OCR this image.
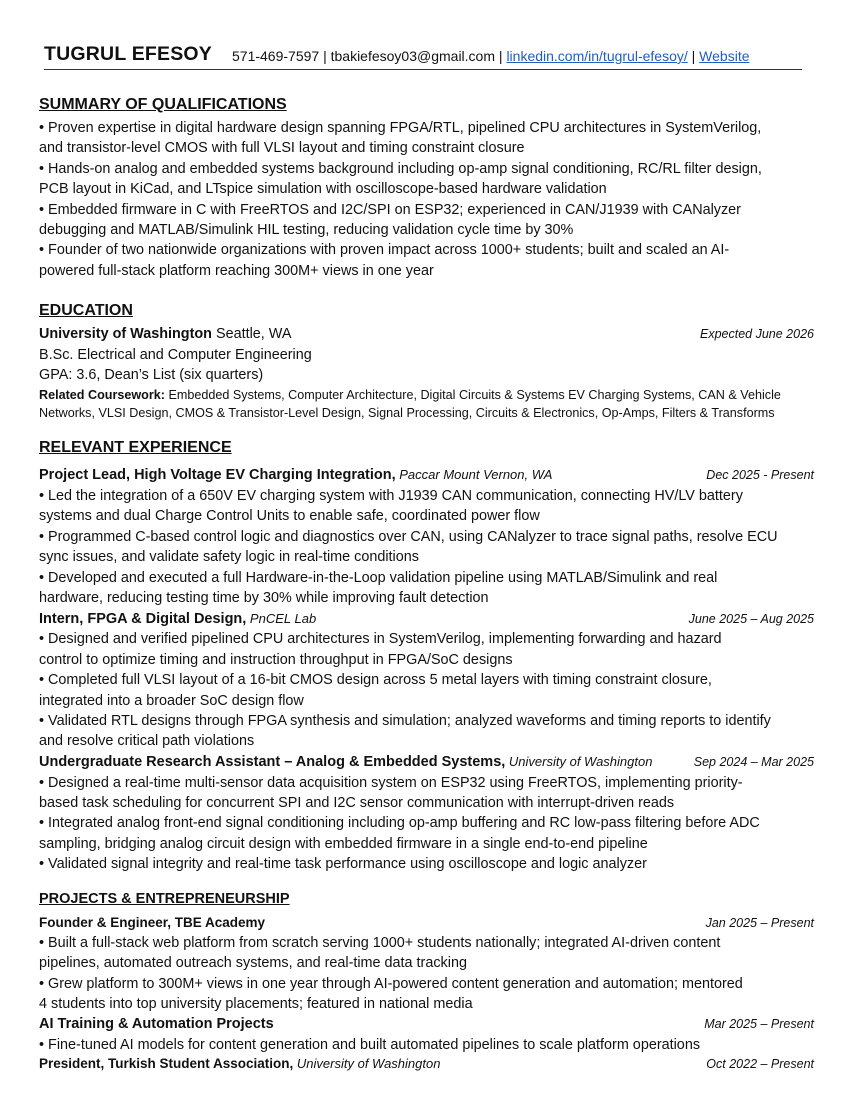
TUGRUL EFESOY 571-469-7597 | tbakiefesoy03@gmail.com | linkedin.com/in/tugrul-efesoy/ | Website
SUMMARY OF QUALIFICATIONS
• Proven expertise in digital hardware design spanning FPGA/RTL, pipelined CPU architectures in SystemVerilog,
and transistor-level CMOS with full VLSI layout and timing constraint closure
• Hands-on analog and embedded systems background including op-amp signal conditioning, RC/RL filter design,
PCB layout in KiCad, and LTspice simulation with oscilloscope-based hardware validation
• Embedded firmware in C with FreeRTOS and I2C/SPI on ESP32; experienced in CAN/J1939 with CANalyzer
debugging and MATLAB/Simulink HIL testing, reducing validation cycle time by 30%
• Founder of two nationwide organizations with proven impact across 1000+ students; built and scaled an AI-
powered full-stack platform reaching 300M+ views in one year
EDUCATION
University of Washington Seattle, WA	Expected June 2026
B.Sc. Electrical and Computer Engineering
GPA: 3.6, Dean’s List (six quarters)
Related Coursework: Embedded Systems, Computer Architecture, Digital Circuits & Systems EV Charging Systems, CAN & Vehicle
Networks, VLSI Design, CMOS & Transistor-Level Design, Signal Processing, Circuits & Electronics, Op-Amps, Filters & Transforms
RELEVANT EXPERIENCE
Project Lead, High Voltage EV Charging Integration, Paccar Mount Vernon, WA	Dec 2025 - Present
• Led the integration of a 650V EV charging system with J1939 CAN communication, connecting HV/LV battery
systems and dual Charge Control Units to enable safe, coordinated power flow
• Programmed C-based control logic and diagnostics over CAN, using CANalyzer to trace signal paths, resolve ECU
sync issues, and validate safety logic in real-time conditions
• Developed and executed a full Hardware-in-the-Loop validation pipeline using MATLAB/Simulink and real
hardware, reducing testing time by 30% while improving fault detection
Intern, FPGA & Digital Design, PnCEL Lab	June 2025 – Aug 2025
• Designed and verified pipelined CPU architectures in SystemVerilog, implementing forwarding and hazard
control to optimize timing and instruction throughput in FPGA/SoC designs
• Completed full VLSI layout of a 16-bit CMOS design across 5 metal layers with timing constraint closure,
integrated into a broader SoC design flow
• Validated RTL designs through FPGA synthesis and simulation; analyzed waveforms and timing reports to identify
and resolve critical path violations
Undergraduate Research Assistant – Analog & Embedded Systems, University of Washington	Sep 2024 – Mar 2025
• Designed a real-time multi-sensor data acquisition system on ESP32 using FreeRTOS, implementing priority-
based task scheduling for concurrent SPI and I2C sensor communication with interrupt-driven reads
• Integrated analog front-end signal conditioning including op-amp buffering and RC low-pass filtering before ADC
sampling, bridging analog circuit design with embedded firmware in a single end-to-end pipeline
• Validated signal integrity and real-time task performance using oscilloscope and logic analyzer
PROJECTS & ENTREPRENEURSHIP
Founder & Engineer, TBE Academy	Jan 2025 – Present
• Built a full-stack web platform from scratch serving 1000+ students nationally; integrated AI-driven content
pipelines, automated outreach systems, and real-time data tracking
• Grew platform to 300M+ views in one year through AI-powered content generation and automation; mentored
4 students into top university placements; featured in national media
AI Training & Automation Projects	Mar 2025 – Present
• Fine-tuned AI models for content generation and built automated pipelines to scale platform operations
President, Turkish Student Association, University of Washington	Oct 2022 – Present
